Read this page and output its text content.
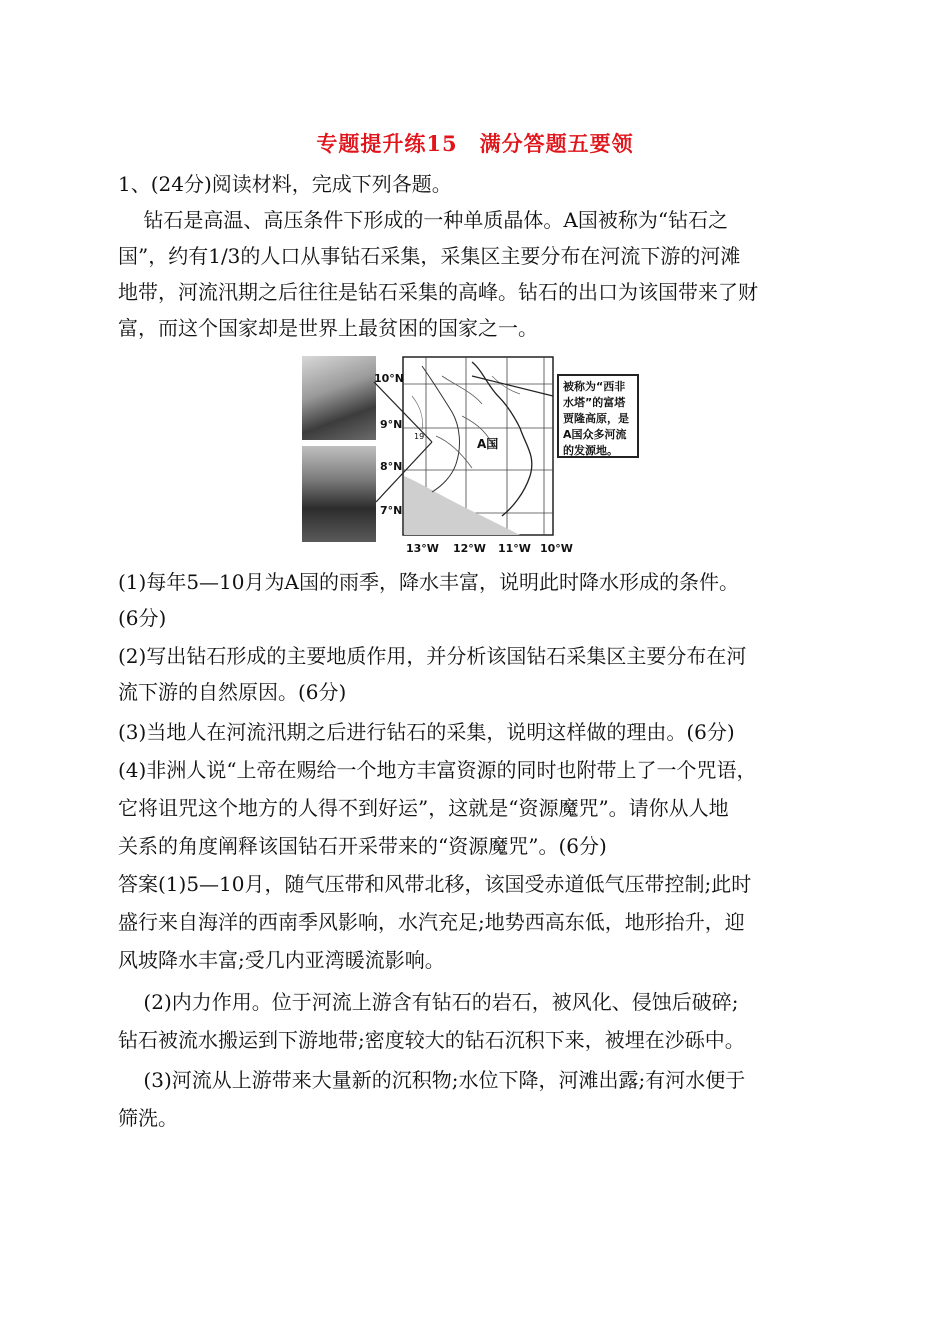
专题提升练15　满分答题五要领
1、(24分)阅读材料，完成下列各题。
钻石是高温、高压条件下形成的一种单质晶体。A国被称为“钻石之
国”，约有1/3的人口从事钻石采集，采集区主要分布在河流下游的河滩
地带，河流汛期之后往往是钻石采集的高峰。钻石的出口为该国带来了财
富，而这个国家却是世界上最贫困的国家之一。
10°N
9°N
8°N
7°N
13°W 12°W 11°W 10°W
19
A国
被称为“西非水塔”的富塔贾隆高原，是A国众多河流的发源地。
(1)每年5—10月为A国的雨季，降水丰富，说明此时降水形成的条件。
(6分)
(2)写出钻石形成的主要地质作用，并分析该国钻石采集区主要分布在河
流下游的自然原因。(6分)
(3)当地人在河流汛期之后进行钻石的采集，说明这样做的理由。(6分)
(4)非洲人说“上帝在赐给一个地方丰富资源的同时也附带上了一个咒语，
它将诅咒这个地方的人得不到好运”，这就是“资源魔咒”。请你从人地
关系的角度阐释该国钻石开采带来的“资源魔咒”。(6分)
答案(1)5—10月，随气压带和风带北移，该国受赤道低气压带控制;此时
盛行来自海洋的西南季风影响，水汽充足;地势西高东低，地形抬升，迎
风坡降水丰富;受几内亚湾暖流影响。
(2)内力作用。位于河流上游含有钻石的岩石，被风化、侵蚀后破碎;
钻石被流水搬运到下游地带;密度较大的钻石沉积下来，被埋在沙砾中。
(3)河流从上游带来大量新的沉积物;水位下降，河滩出露;有河水便于
筛洗。
